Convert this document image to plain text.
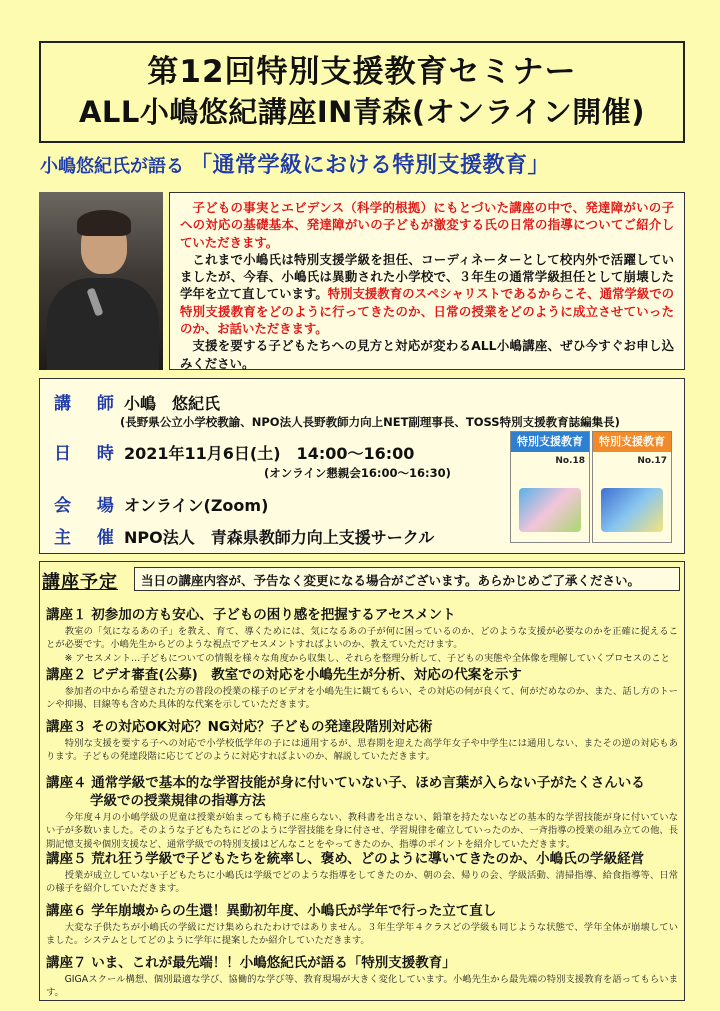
第12回特別支援教育セミナー
ALL小嶋悠紀講座IN青森(オンライン開催)
小嶋悠紀氏が語る 「通常学級における特別支援教育」

子どもの事実とエビデンス（科学的根拠）にもとづいた講座の中で、発達障がいの子への対応の基礎基本、発達障がいの子どもが激変する氏の日常の指導についてご紹介していただきます。

これまで小嶋氏は特別支援学級を担任、コーディネーターとして校内外で活躍していましたが、今春、小嶋氏は異動された小学校で、３年生の通常学級担任として崩壊した学年を立て直しています。特別支援教育のスペシャリストであるからこそ、通常学級での特別支援教育をどのように行ってきたのか、日常の授業をどのように成立させていったのか、お話いただきます。

支援を要する子どもたちへの見方と対応が変わるALL小嶋講座、ぜひ今すぐお申し込みください。

講 師 小嶋　悠紀氏
(長野県公立小学校教諭、NPO法人長野教師力向上NET副理事長、TOSS特別支援教育誌編集長)
日 時 2021年11月6日(土)　14:00～16:00
(オンライン懇親会16:00～16:30)
会 場 オンライン(Zoom)
主 催 NPO法人　青森県教師力向上支援サークル
特別支援教育
No.18
特別支援教育
No.17
講座予定	当日の講座内容が、予告なく変更になる場合がございます。あらかじめご了承ください。
講座１ 初参加の方も安心、子どもの困り感を把握するアセスメント
教室の「気になるあの子」を教え、育て、導くためには、気になるあの子が何に困っているのか、どのような支援が必要なのかを正確に捉えることが必要です。小嶋先生からどのような視点でアセスメントすればよいのか、教えていただけます。
※ アセスメント…子どもについての情報を様々な角度から収集し、それらを整理分析して、子どもの実態や全体像を理解していくプロセスのこと
講座２ ビデオ審査(公募)　教室での対応を小嶋先生が分析、対応の代案を示す
参加者の中から希望された方の普段の授業の様子のビデオを小嶋先生に観てもらい、その対応の何が良くて、何がだめなのか、また、話し方のトーンや抑揚、目線等も含めた具体的な代案を示していただきます。
講座３ その対応OK対応？NG対応？子どもの発達段階別対応術
特別な支援を要する子への対応で小学校低学年の子には通用するが、思春期を迎えた高学年女子や中学生には通用しない、またその逆の対応もあります。子どもの発達段階に応じてどのように対応すればよいのか、解説していただきます。
講座４ 通常学級で基本的な学習技能が身に付いていない子、ほめ言葉が入らない子がたくさんいる
学級での授業規律の指導方法
今年度４月の小嶋学級の児童は授業が始まっても椅子に座らない、教科書を出さない、鉛筆を持たないなどの基本的な学習技能が身に付いていない子が多数いました。そのような子どもたちにどのように学習技能を身に付させ、学習規律を確立していったのか、一斉指導の授業の組み立ての他、長期記憶支援や個別支援など、通常学級での特別支援はどんなことをやってきたのか、指導のポイントを紹介していただきます。
講座５ 荒れ狂う学級で子どもたちを統率し、褒め、どのように導いてきたのか、小嶋氏の学級経営
授業が成立していない子どもたちに小嶋氏は学級でどのような指導をしてきたのか、朝の会、帰りの会、学級活動、清掃指導、給食指導等、日常の様子を紹介していただきます。
講座６ 学年崩壊からの生還！異動初年度、小嶋氏が学年で行った立て直し
大変な子供たちが小嶋氏の学級にだけ集められたわけではありません。３年生学年４クラスどの学級も同じような状態で、学年全体が崩壊していました。システムとしてどのように学年に提案したか紹介していただきます。
講座７ いま、これが最先端！！小嶋悠紀氏が語る「特別支援教育」
GIGAスクール構想、個別最適な学び、協働的な学び等、教育現場が大きく変化しています。小嶋先生から最先端の特別支援教育を語ってもらいます。
